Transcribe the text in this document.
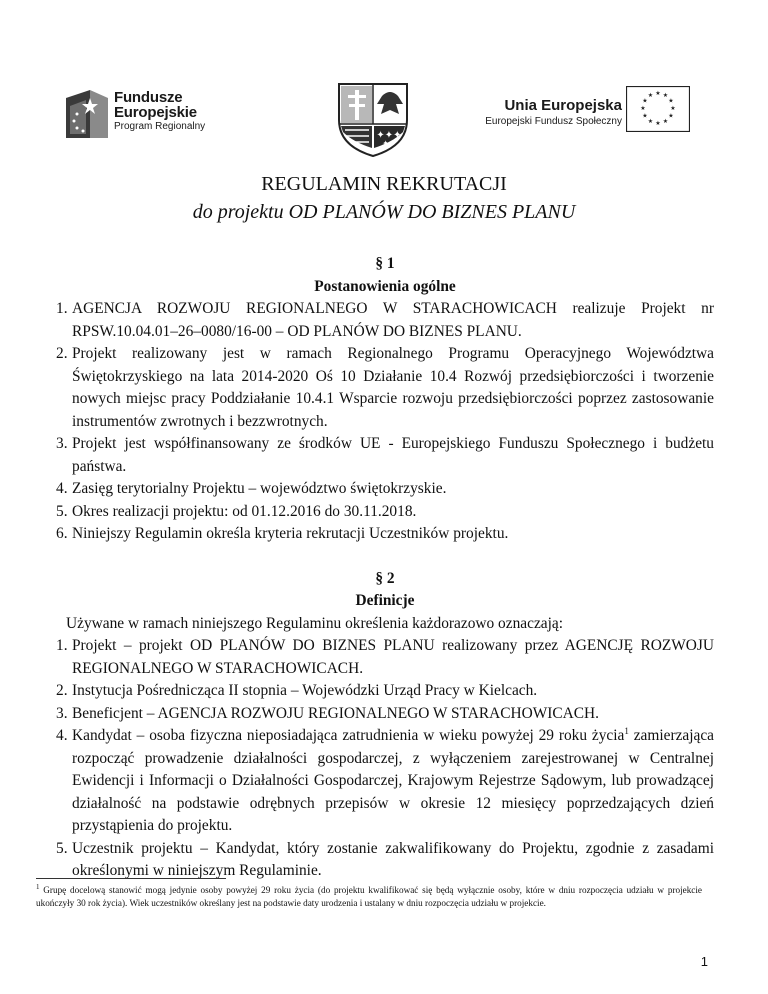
Fundusze
Europejskie
Program Regionalny
✦✦✦
✦✦
Unia Europejska
Europejski Fundusz Społeczny
★ ★
★
★
★
★
★
★
★
★
★
★
REGULAMIN REKRUTACJI
do projektu OD PLANÓW DO BIZNES PLANU
§ 1
Postanowienia ogólne
1. AGENCJA ROZWOJU REGIONALNEGO W STARACHOWICACH realizuje Projekt nr RPSW.10.04.01–26–0080/16-00 – OD PLANÓW DO BIZNES PLANU.
2. Projekt realizowany jest w ramach Regionalnego Programu Operacyjnego Województwa Świętokrzyskiego na lata 2014-2020 Oś 10 Działanie 10.4 Rozwój przedsiębiorczości i tworzenie nowych miejsc pracy Poddziałanie 10.4.1 Wsparcie rozwoju przedsiębiorczości poprzez zastosowanie instrumentów zwrotnych i bezzwrotnych.
3. Projekt jest współfinansowany ze środków UE - Europejskiego Funduszu Społecznego i budżetu państwa.
4. Zasięg terytorialny Projektu – województwo świętokrzyskie.
5. Okres realizacji projektu: od 01.12.2016 do 30.11.2018.
6. Niniejszy Regulamin określa kryteria rekrutacji Uczestników projektu.
§ 2
Definicje
Używane w ramach niniejszego Regulaminu określenia każdorazowo oznaczają:
1. Projekt – projekt OD PLANÓW DO BIZNES PLANU realizowany przez AGENCJĘ ROZWOJU REGIONALNEGO W STARACHOWICACH.
2. Instytucja Pośrednicząca II stopnia – Wojewódzki Urząd Pracy w Kielcach.
3. Beneficjent – AGENCJA ROZWOJU REGIONALNEGO W STARACHOWICACH.
4. Kandydat – osoba fizyczna nieposiadająca zatrudnienia w wieku powyżej 29 roku życia$^1$ zamierzająca rozpocząć prowadzenie działalności gospodarczej, z wyłączeniem zarejestrowanej w Centralnej Ewidencji i Informacji o Działalności Gospodarczej, Krajowym Rejestrze Sądowym, lub prowadzącej działalność na podstawie odrębnych przepisów w okresie 12 miesięcy poprzedzających dzień przystąpienia do projektu.
5. Uczestnik projektu – Kandydat, który zostanie zakwalifikowany do Projektu, zgodnie z zasadami określonymi w niniejszym Regulaminie.
$^1$ Grupę docelową stanowić mogą jedynie osoby powyżej 29 roku życia (do projektu kwalifikować się będą wyłącznie osoby, które w dniu rozpoczęcia udziału w projekcie ukończyły 30 rok życia). Wiek uczestników określany jest na podstawie daty urodzenia i ustalany w dniu rozpoczęcia udziału w projekcie.
1
